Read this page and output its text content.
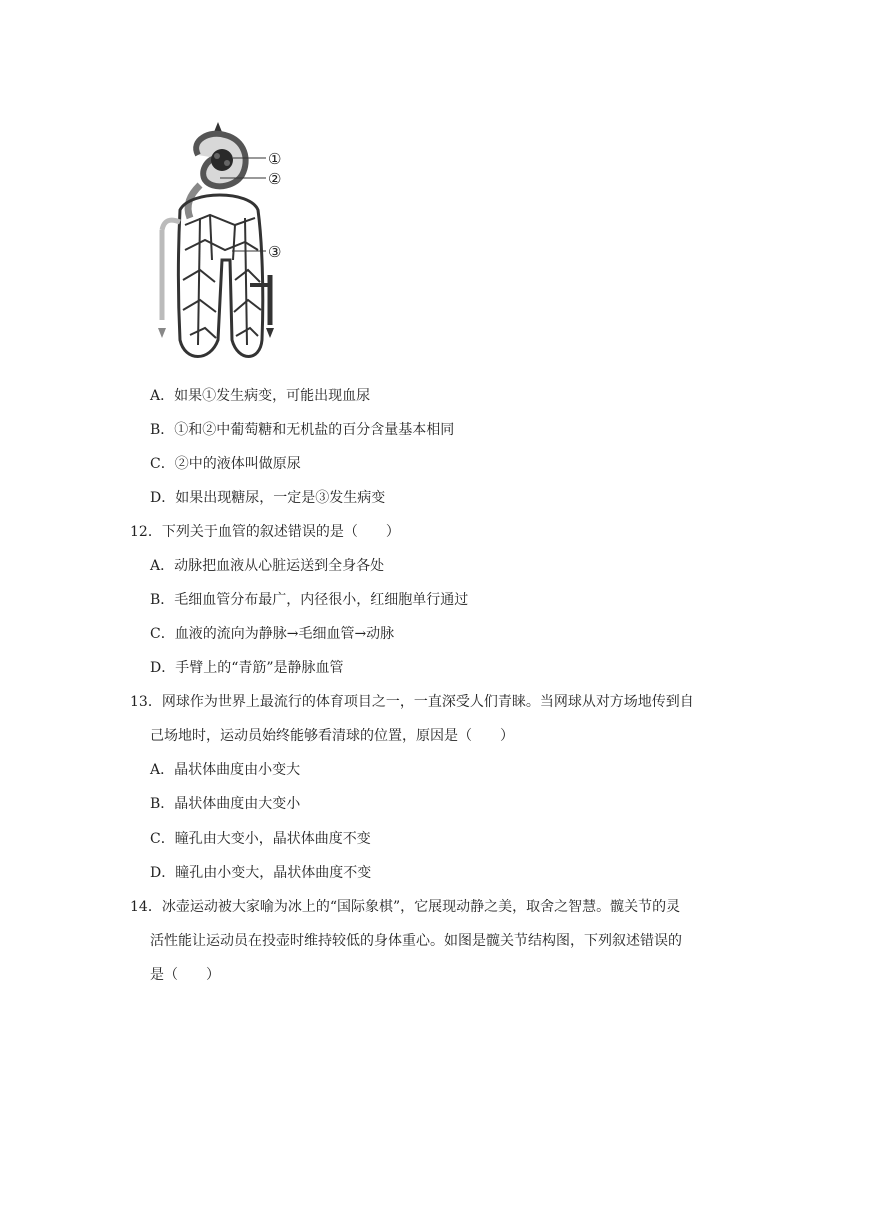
①
②
③
A．如果①发生病变，可能出现血尿
B．①和②中葡萄糖和无机盐的百分含量基本相同
C．②中的液体叫做原尿
D．如果出现糖尿，一定是③发生病变
12．下列关于血管的叙述错误的是（　　）
A．动脉把血液从心脏运送到全身各处
B．毛细血管分布最广，内径很小，红细胞单行通过
C．血液的流向为静脉→毛细血管→动脉
D．手臂上的“青筋”是静脉血管
13．网球作为世界上最流行的体育项目之一，一直深受人们青睐。当网球从对方场地传到自
己场地时，运动员始终能够看清球的位置，原因是（　　）
A．晶状体曲度由小变大
B．晶状体曲度由大变小
C．瞳孔由大变小，晶状体曲度不变
D．瞳孔由小变大，晶状体曲度不变
14．冰壶运动被大家喻为冰上的“国际象棋”，它展现动静之美，取舍之智慧。髋关节的灵
活性能让运动员在投壶时维持较低的身体重心。如图是髋关节结构图，下列叙述错误的
是（　　）
